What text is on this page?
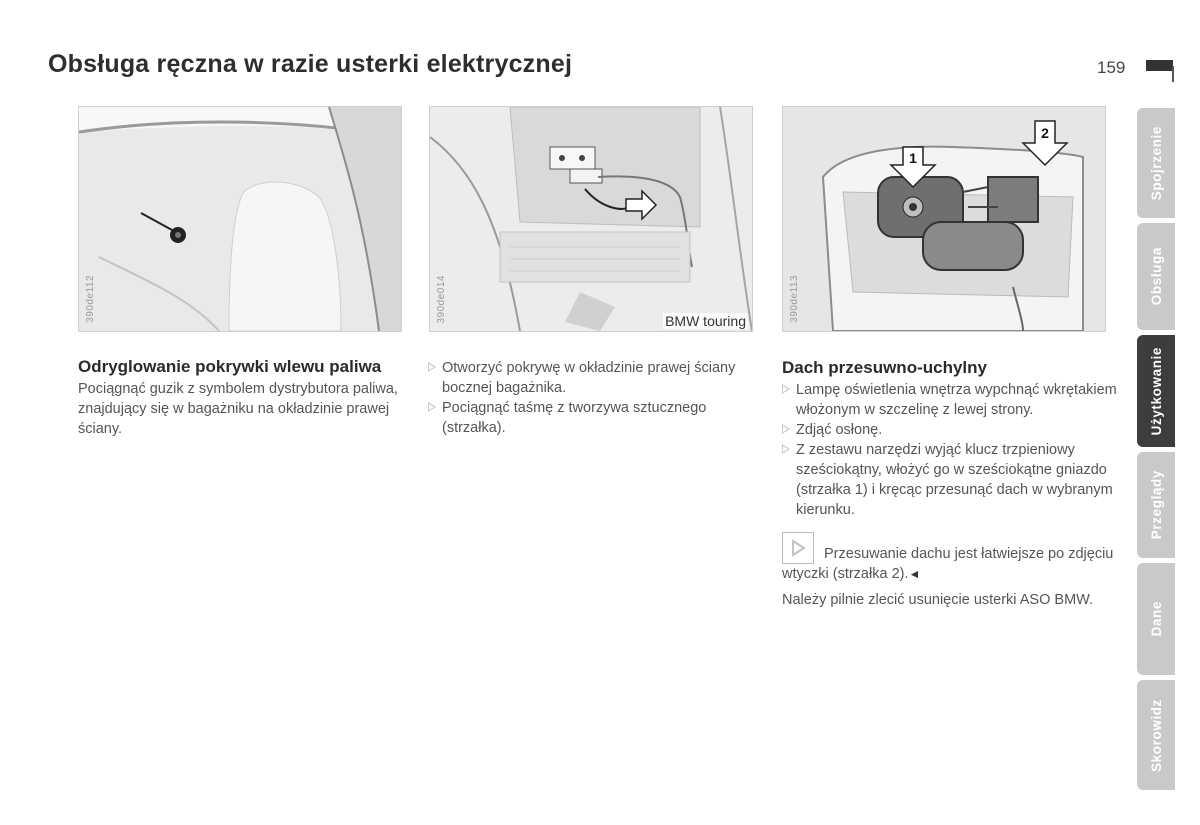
Obsługa ręczna w razie usterki elektrycznej	159
390de112	390de014	BMW touring
1
2
390de113
Odryglowanie pokrywki wlewu paliwa

Pociągnąć guzik z symbolem dystrybutora paliwa, znajdujący się w bagażniku na okładzinie prawej ściany.

Otworzyć pokrywę w okładzinie prawej ściany bocznej bagażnika.
Pociągnąć taśmę z tworzywa sztucznego (strzałka).
Dach przesuwno-uchylny
Lampę oświetlenia wnętrza wypchnąć wkrętakiem włożonym w szczelinę z lewej strony.
Zdjąć osłonę.
Z zestawu narzędzi wyjąć klucz trzpieniowy sześciokątny, włożyć go w sześciokątne gniazdo (strzałka 1) i kręcąc przesunąć dach w wybranym kierunku.

Przesuwanie dachu jest łatwiejsze po zdjęciu wtyczki (strzałka 2).◄

Należy pilnie zlecić usunięcie usterki ASO BMW.

Spojrzenie
Obsługa
Użytkowanie
Przeglądy
Dane
Skorowidz
